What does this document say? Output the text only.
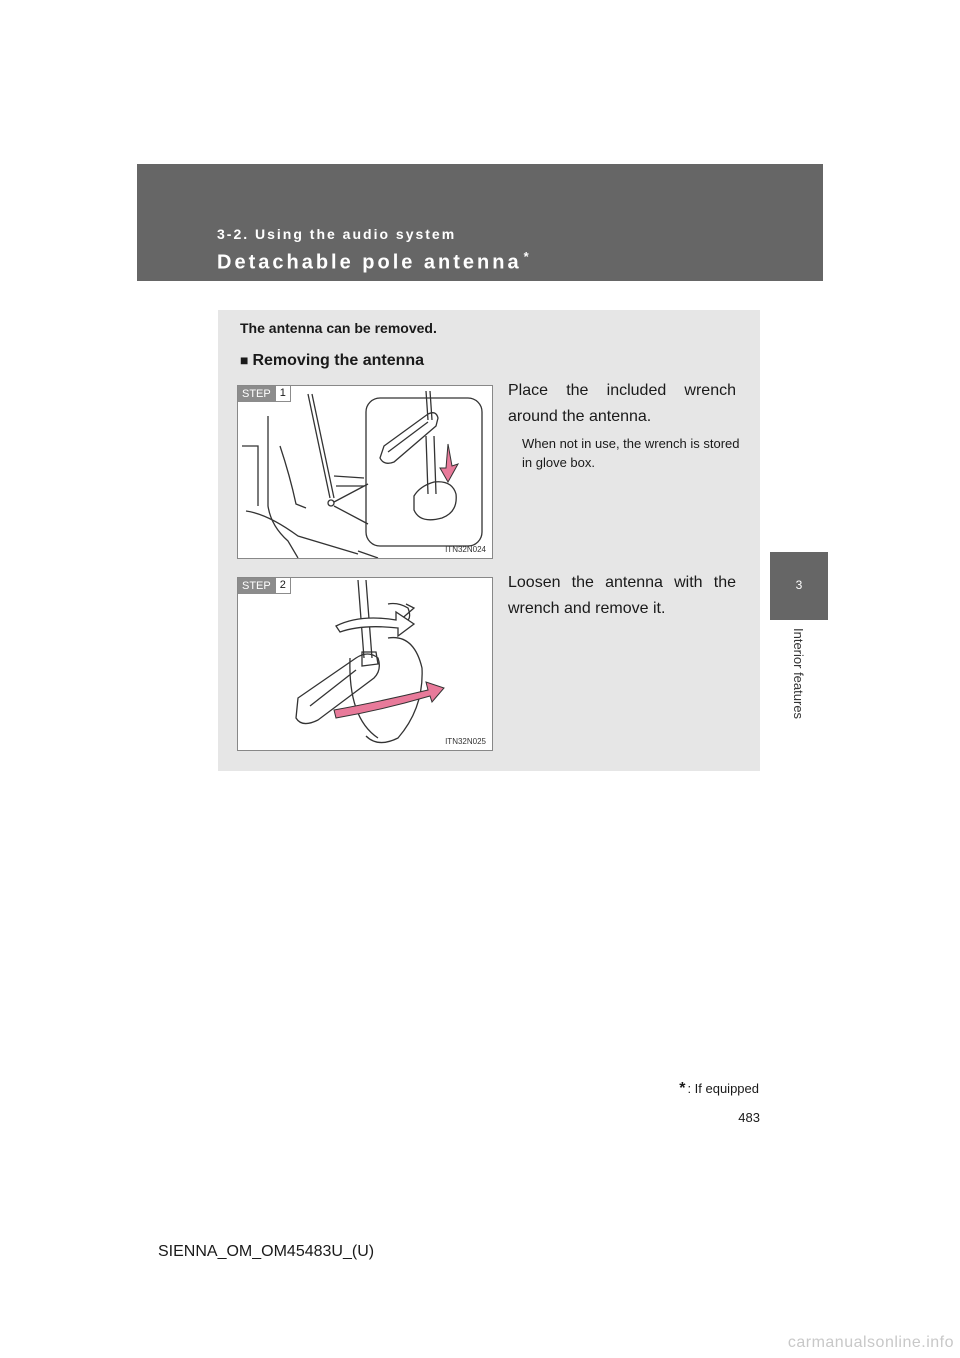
3-2. Using the audio system
Detachable pole antenna *
3
Interior features
The antenna can be removed.
■ Removing the antenna
STEP 1
ITN32N024
Place the included wrench around the antenna.
When not in use, the wrench is stored in glove box.
STEP 2
ITN32N025
Loosen the antenna with the wrench and remove it.
* : If equipped
483
SIENNA_OM_OM45483U_(U)
carmanualsonline.info
